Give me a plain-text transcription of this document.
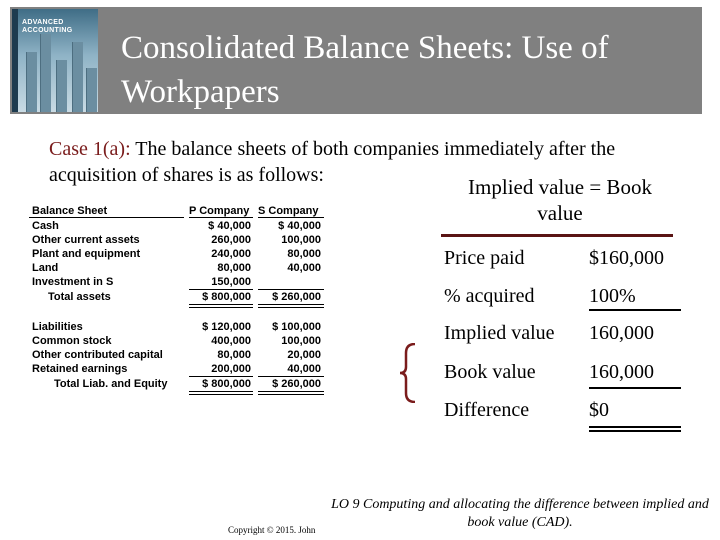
ADVANCED ACCOUNTING	Consolidated Balance Sheets: Use of Workpapers
Case 1(a): The balance sheets of both companies immediately after the acquisition of shares is as follows:	Implied value = Book value
Balance Sheet	P Company S Company
Cash	$ 40,000	$ 40,000
Other current assets	260,000	100,000
Plant and equipment	240,000	80,000
Land	80,000	40,000
Investment in S	150,000
Total assets	$ 800,000	$ 260,000
Liabilities	$ 120,000	$ 100,000
Common stock	400,000	100,000
Other contributed capital	80,000	20,000
Retained earnings	200,000	40,000
Total Liab. and Equity	$ 800,000	$ 260,000
Price paid	$160,000
% acquired	100%
Implied value 160,000
Book value	160,000
Difference	$0
Copyright © 2015. John
LO 9 Computing and allocating the difference between implied and book value (CAD).
